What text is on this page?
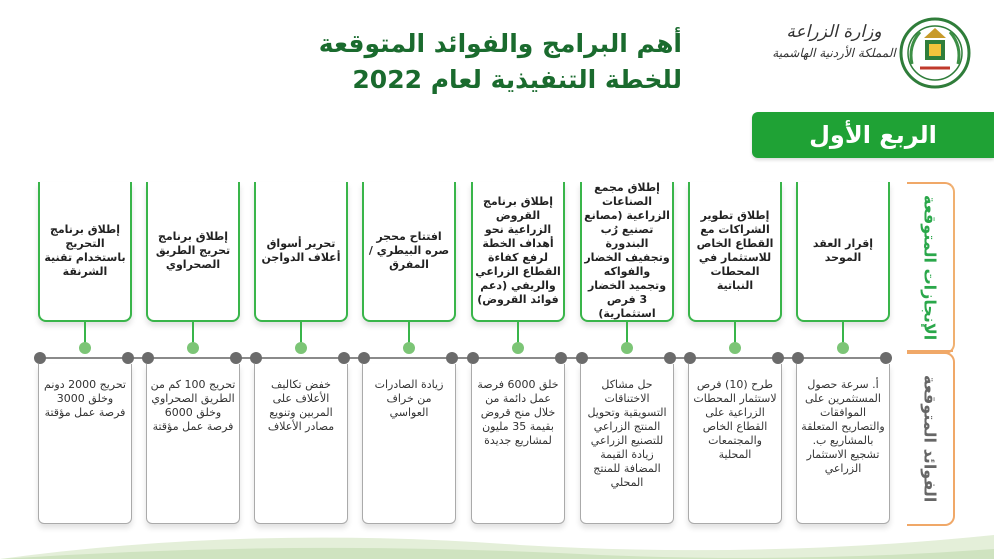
أهم البرامج والفوائد المتوقعة
للخطة التنفيذية لعام 2022
وزارة الزراعة
المملكة الأردنية الهاشمية
الربع الأول
الإنجازات المتوقعة
الفوائد المتوقعة
إقرار العقد الموحد
إطلاق تطوير الشراكات مع القطاع الخاص للاستثمار في المحطات النباتية
إطلاق مجمع الصناعات الزراعية (مصانع تصنيع رُب البندورة وتجفيف الخضار والفواكه وتجميد الخضار 3 فرص استثمارية)
إطلاق برنامج القروض الزراعية نحو أهداف الخطة لرفع كفاءة القطاع الزراعي والريفي (دعم فوائد القروض)
افتتاح محجر صره البيطري /المفرق
تحرير أسواق أعلاف الدواجن
إطلاق برنامج تحريج الطريق الصحراوي
إطلاق برنامج التحريج باستخدام تقنية الشرنقة
أ. سرعة حصول المستثمرين على الموافقات والتصاريح المتعلقة بالمشاريع ب. تشجيع الاستثمار الزراعي
طرح (10) فرص لاستثمار المحطات الزراعية على القطاع الخاص والمجتمعات المحلية
حل مشاكل الاختناقات التسويقية وتحويل المنتج الزراعي للتصنيع الزراعي زيادة القيمة المضافة للمنتج المحلي
خلق 6000 فرصة عمل دائمة من خلال منح قروض بقيمة 35 مليون لمشاريع جديدة
زيادة الصادرات من خراف العواسي
خفض تكاليف الأعلاف على المربين وتنويع مصادر الأعلاف
تحريج 100 كم من الطريق الصحراوي وخلق 6000 فرصة عمل مؤقتة
تحريج 2000 دونم وخلق 3000 فرصة عمل مؤقتة
